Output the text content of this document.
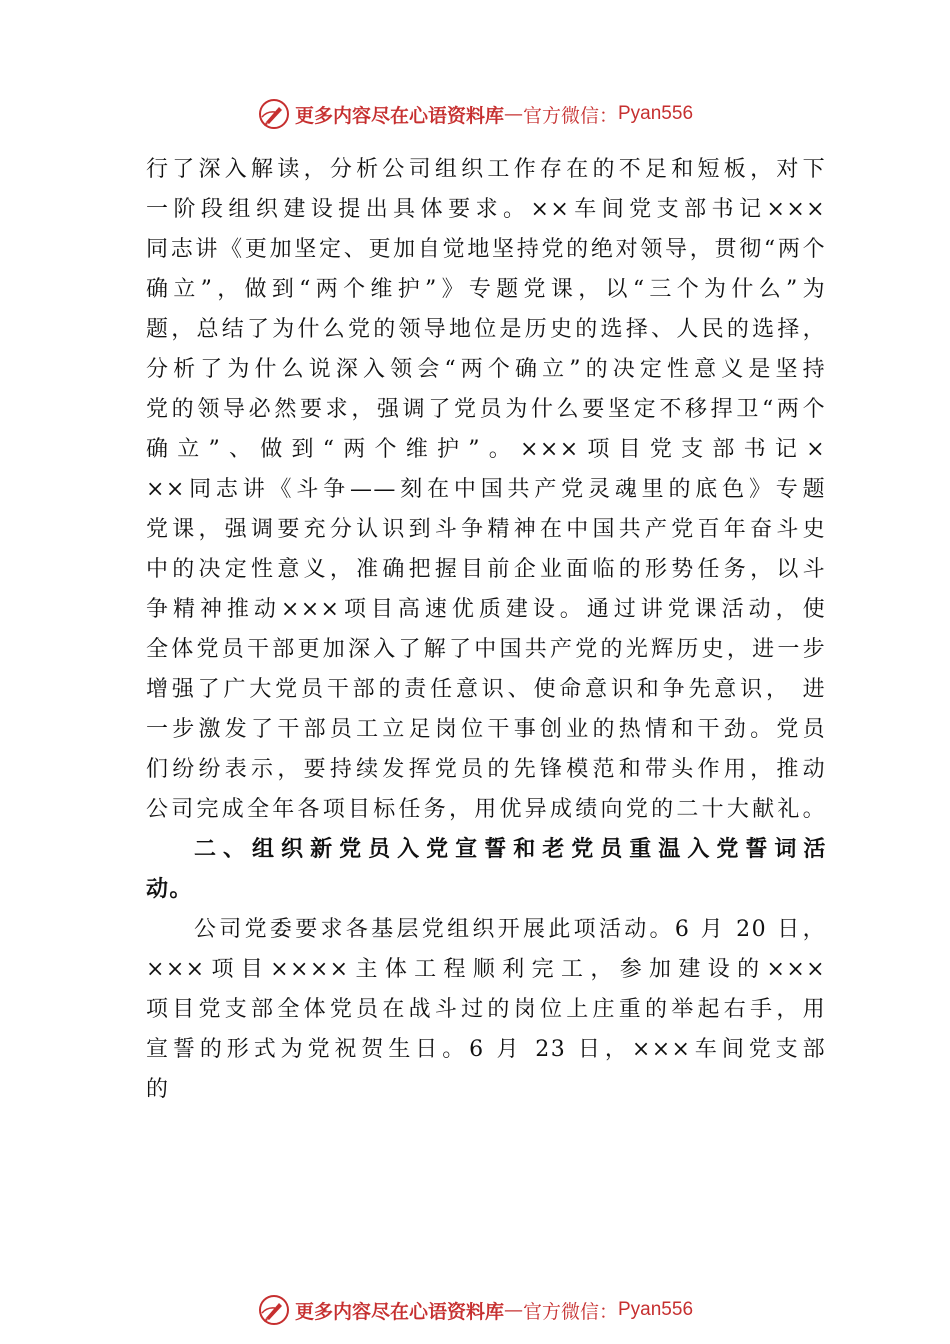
更多内容尽在心语资料库 — 官方微信： Pyan556
行了深入解读，分析公司组织工作存在的不足和短板，对下
一阶段组织建设提出具体要求。××车间党支部书记×××
同志讲《更加坚定、更加自觉地坚持党的绝对领导，贯彻“两个
确立”，做到“两个维护”》专题党课，以“三个为什么”为
题，总结了为什么党的领导地位是历史的选择、人民的选择，
分析了为什么说深入领会“两个确立”的决定性意义是坚持
党的领导必然要求，强调了党员为什么要坚定不移捍卫“两个
确立”、做到“两个维护”。×××项目党支部书记×
××同志讲《斗争——刻在中国共产党灵魂里的底色》专题
党课，强调要充分认识到斗争精神在中国共产党百年奋斗史
中的决定性意义，准确把握目前企业面临的形势任务，以斗
争精神推动×××项目高速优质建设。通过讲党课活动，使
全体党员干部更加深入了解了中国共产党的光辉历史，进一步
增强了广大党员干部的责任意识、使命意识和争先意识， 进
一步激发了干部员工立足岗位干事创业的热情和干劲。党员
们纷纷表示，要持续发挥党员的先锋模范和带头作用，推动
公司完成全年各项目标任务，用优异成绩向党的二十大献礼。
二、组织新党员入党宣誓和老党员重温入党誓词活
动。
公司党委要求各基层党组织开展此项活动。6 月 20 日，
×××项目××××主体工程顺利完工，参加建设的×××
项目党支部全体党员在战斗过的岗位上庄重的举起右手，用
宣誓的形式为党祝贺生日。6 月 23 日，×××车间党支部
的
更多内容尽在心语资料库 — 官方微信： Pyan556
